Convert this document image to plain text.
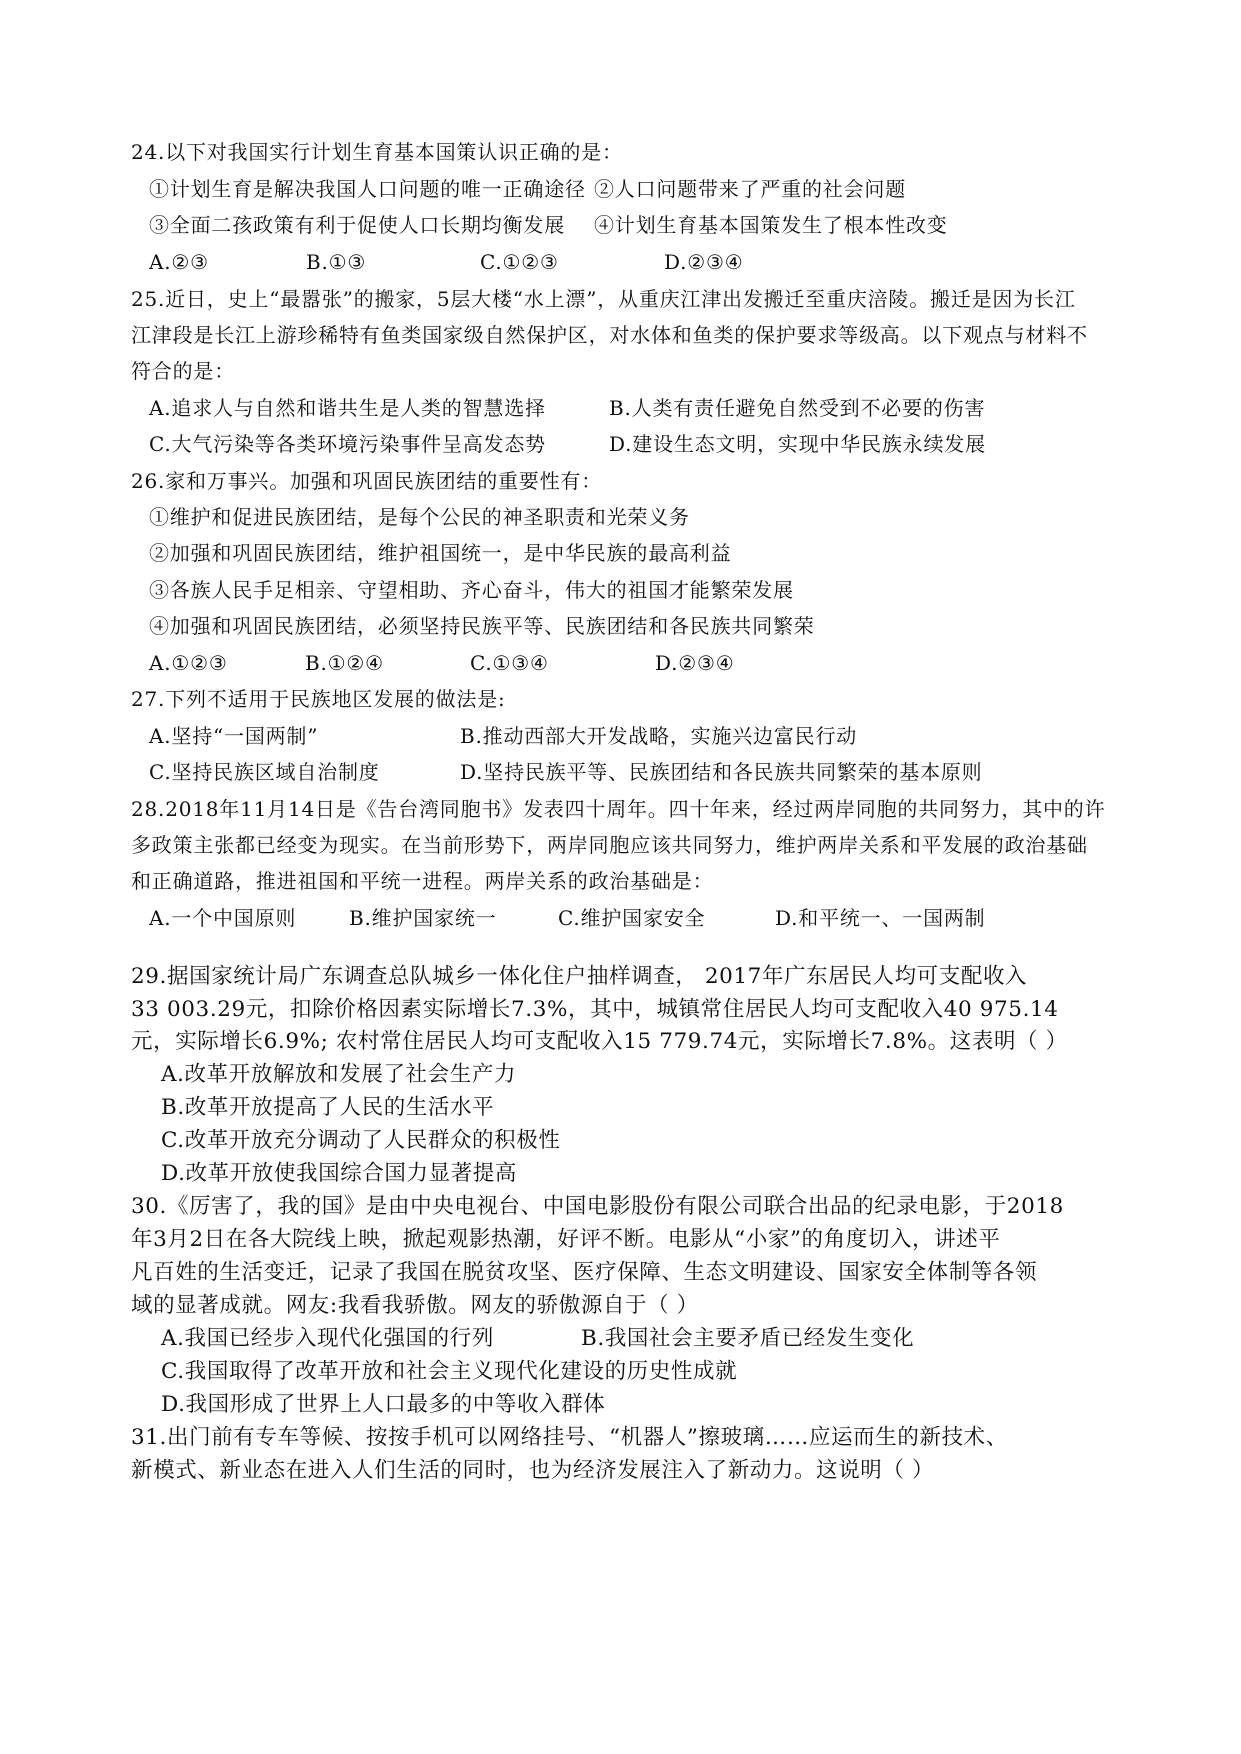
24.以下对我国实行计划生育基本国策认识正确的是：
①计划生育是解决我国人口问题的唯一正确途径 ②人口问题带来了严重的社会问题
③全面二孩政策有利于促使人口长期均衡发展 ④计划生育基本国策发生了根本性改变
A.②③	B.①③	C.①②③	D.②③④
25.近日，史上“最嚣张”的搬家，5层大楼“水上漂”，从重庆江津出发搬迁至重庆涪陵。搬迁是因为长江
江津段是长江上游珍稀特有鱼类国家级自然保护区，对水体和鱼类的保护要求等级高。以下观点与材料不
符合的是：
A.追求人与自然和谐共生是人类的智慧选择	B.人类有责任避免自然受到不必要的伤害
C.大气污染等各类环境污染事件呈高发态势	D.建设生态文明，实现中华民族永续发展
26.家和万事兴。加强和巩固民族团结的重要性有：
①维护和促进民族团结，是每个公民的神圣职责和光荣义务
②加强和巩固民族团结，维护祖国统一，是中华民族的最高利益
③各族人民手足相亲、守望相助、齐心奋斗，伟大的祖国才能繁荣发展
④加强和巩固民族团结，必须坚持民族平等、民族团结和各民族共同繁荣
A.①②③	B.①②④	C.①③④	D.②③④
27.下列不适用于民族地区发展的做法是:
A.坚持“一国两制”	B.推动西部大开发战略，实施兴边富民行动
C.坚持民族区域自治制度	D.坚持民族平等、民族团结和各民族共同繁荣的基本原则
28.2018年11月14日是《告台湾同胞书》发表四十周年。四十年来，经过两岸同胞的共同努力，其中的许
多政策主张都已经变为现实。在当前形势下，两岸同胞应该共同努力，维护两岸关系和平发展的政治基础
和正确道路，推进祖国和平统一进程。两岸关系的政治基础是：
A.一个中国原则	B.维护国家统一	C.维护国家安全	D.和平统一、一国两制
29.据国家统计局广东调查总队城乡一体化住户抽样调查， 2017年广东居民人均可支配收入
33 003.29元，扣除价格因素实际增长7.3%，其中，城镇常住居民人均可支配收入40 975.14
元，实际增长6.9%; 农村常住居民人均可支配收入15 779.74元，实际增长7.8%。这表明（ ）
A.改革开放解放和发展了社会生产力
B.改革开放提高了人民的生活水平
C.改革开放充分调动了人民群众的积极性
D.改革开放使我国综合国力显著提高
30.《厉害了，我的国》是由中央电视台、中国电影股份有限公司联合出品的纪录电影，于2018
年3月2日在各大院线上映，掀起观影热潮，好评不断。电影从“小家”的角度切入，讲述平
凡百姓的生活变迁，记录了我国在脱贫攻坚、医疗保障、生态文明建设、国家安全体制等各领
域的显著成就。网友:我看我骄傲。网友的骄傲源自于（ ）
A.我国已经步入现代化强国的行列	B.我国社会主要矛盾已经发生变化
C.我国取得了改革开放和社会主义现代化建设的历史性成就
D.我国形成了世界上人口最多的中等收入群体
31.出门前有专车等候、按按手机可以网络挂号、“机器人”擦玻璃……应运而生的新技术、
新模式、新业态在进入人们生活的同时，也为经济发展注入了新动力。这说明（ ）
